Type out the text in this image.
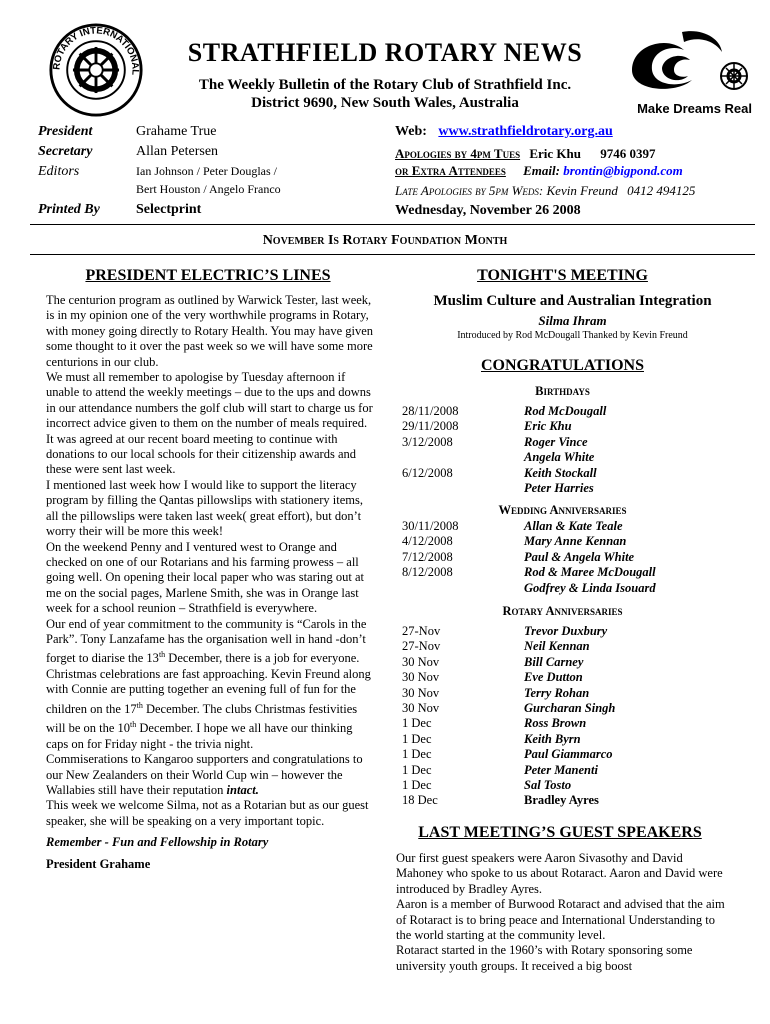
ROTARY INTERNATIONAL
STRATHFIELD ROTARY NEWS
The Weekly Bulletin of the Rotary Club of Strathfield Inc.
District 9690, New South Wales, Australia	Make Dreams Real
President	Grahame True
Secretary	Allan Petersen
Editors	Ian Johnson / Peter Douglas /
Bert Houston / Angelo Franco
Printed By	Selectprint
Web: www.strathfieldrotary.org.au
Apologies by 4pm Tues Eric Khu 9746 0397
or Extra Attendees Email: brontin@bigpond.com
Late Apologies by 5pm Weds: Kevin Freund 0412 494125
Wednesday, November 26 2008
November Is Rotary Foundation Month
PRESIDENT ELECTRIC’S LINES

The centurion program as outlined by Warwick Tester, last week, is in my opinion one of the very worthwhile programs in Rotary, with money going directly to Rotary Health. You may have given some thought to it over the past week so we will have some more centurions in our club.

We must all remember to apologise by Tuesday afternoon if unable to attend the weekly meetings – due to the ups and downs in our attendance numbers the golf club will start to charge us for incorrect advice given to them on the number of meals required.

It was agreed at our recent board meeting to continue with donations to our local schools for their citizenship awards and these were sent last week.

I mentioned last week how I would like to support the literacy program by filling the Qantas pillowslips with stationery items, all the pillowslips were taken last week( great effort), but don’t worry their will be more this week!

On the weekend Penny and I ventured west to Orange and checked on one of our Rotarians and his farming prowess – all going well. On opening their local paper who was staring out at me on the social pages, Marlene Smith, she was in Orange last week for a school reunion – Strathfield is everywhere.

Our end of year commitment to the community is “Carols in the Park”. Tony Lanzafame has the organisation well in hand -don’t forget to diarise the 13th December, there is a job for everyone.

Christmas celebrations are fast approaching. Kevin Freund along with Connie are putting together an evening full of fun for the children on the 17th December. The clubs Christmas festivities will be on the 10th December. I hope we all have our thinking caps on for Friday night - the trivia night.

Commiserations to Kangaroo supporters and congratulations to our New Zealanders on their World Cup win – however the Wallabies still have their reputation intact.

This week we welcome Silma, not as a Rotarian but as our guest speaker, she will be speaking on a very important topic.

Remember - Fun and Fellowship in Rotary

President Grahame

TONIGHT'S MEETING
Muslim Culture and Australian Integration
Silma Ihram
Introduced by Rod McDougall Thanked by Kevin Freund
CONGRATULATIONS
Birthdays
28/11/2008	Rod McDougall
29/11/2008	Eric Khu
3/12/2008	Roger Vince
Angela White
6/12/2008	Keith Stockall
Peter Harries
Wedding Anniversaries
30/11/2008	Allan & Kate Teale
4/12/2008	Mary Anne Kennan
7/12/2008	Paul & Angela White
8/12/2008	Rod & Maree McDougall
Godfrey & Linda Isouard
Rotary Anniversaries
27-Nov	Trevor Duxbury
27-Nov	Neil Kennan
30 Nov	Bill Carney
30 Nov	Eve Dutton
30 Nov	Terry Rohan
30 Nov	Gurcharan Singh
1 Dec	Ross Brown
1 Dec	Keith Byrn
1 Dec	Paul Giammarco
1 Dec	Peter Manenti
1 Dec	Sal Tosto
18 Dec	Bradley Ayres
LAST MEETING’S GUEST SPEAKERS

Our first guest speakers were Aaron Sivasothy and David Mahoney who spoke to us about Rotaract. Aaron and David were introduced by Bradley Ayres.

Aaron is a member of Burwood Rotaract and advised that the aim of Rotaract is to bring peace and International Understanding to the world starting at the community level.

Rotaract started in the 1960’s with Rotary sponsoring some university youth groups. It received a big boost
